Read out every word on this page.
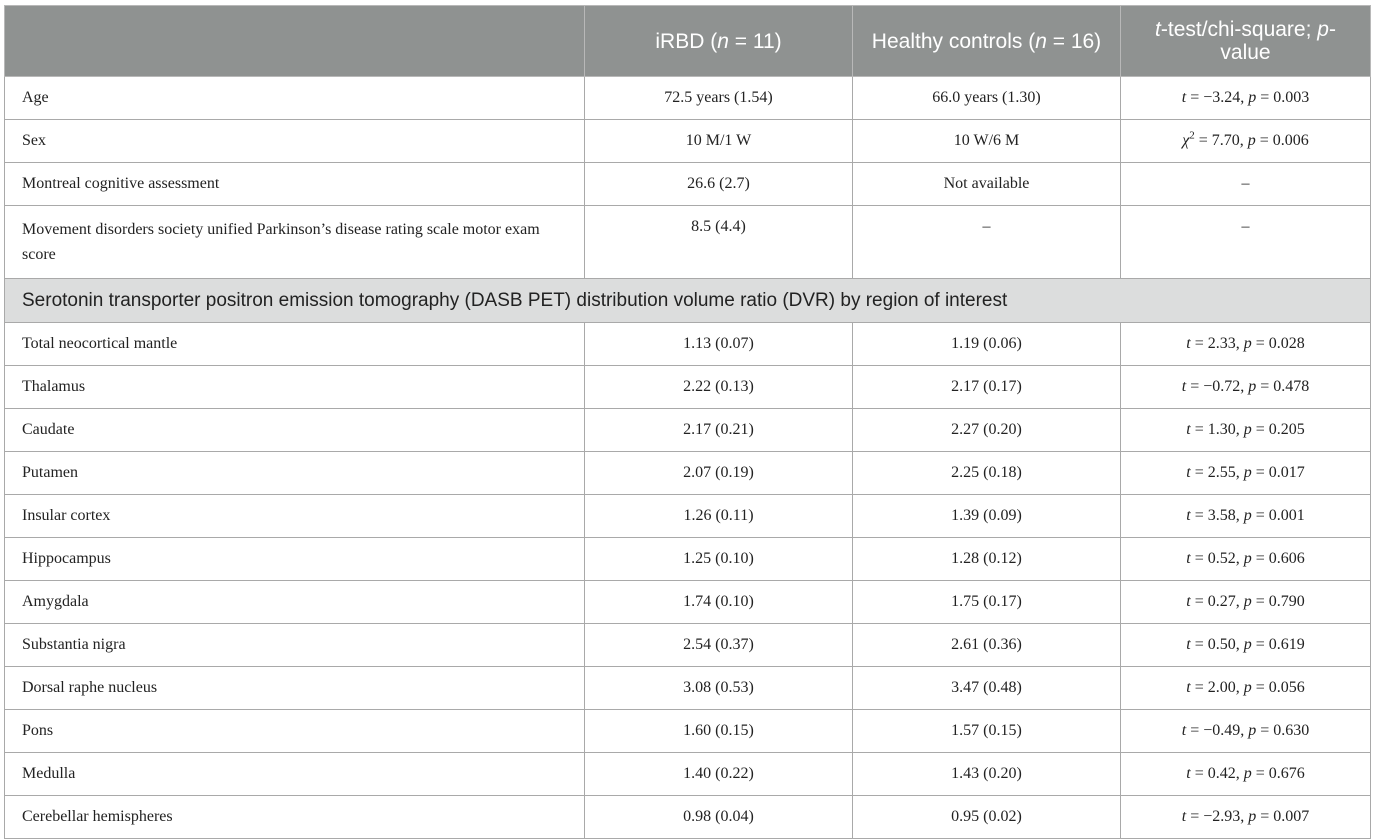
	iRBD (n = 11)	Healthy controls (n = 16)	t-test/chi-square; p-value
Age	72.5 years (1.54)	66.0 years (1.30)	t = −3.24, p = 0.003
Sex	10 M/1 W	10 W/6 M	$\chi^2 = 7.70$, p = 0.006
Montreal cognitive assessment	26.6 (2.7)	Not available	–
Movement disorders society unified Parkinson’s disease rating scale motor exam score	8.5 (4.4)	–	–
Serotonin transporter positron emission tomography (DASB PET) distribution volume ratio (DVR) by region of interest			
Total neocortical mantle	1.13 (0.07)	1.19 (0.06)	t = 2.33, p = 0.028
Thalamus	2.22 (0.13)	2.17 (0.17)	t = −0.72, p = 0.478
Caudate	2.17 (0.21)	2.27 (0.20)	t = 1.30, p = 0.205
Putamen	2.07 (0.19)	2.25 (0.18)	t = 2.55, p = 0.017
Insular cortex	1.26 (0.11)	1.39 (0.09)	t = 3.58, p = 0.001
Hippocampus	1.25 (0.10)	1.28 (0.12)	t = 0.52, p = 0.606
Amygdala	1.74 (0.10)	1.75 (0.17)	t = 0.27, p = 0.790
Substantia nigra	2.54 (0.37)	2.61 (0.36)	t = 0.50, p = 0.619
Dorsal raphe nucleus	3.08 (0.53)	3.47 (0.48)	t = 2.00, p = 0.056
Pons	1.60 (0.15)	1.57 (0.15)	t = −0.49, p = 0.630
Medulla	1.40 (0.22)	1.43 (0.20)	t = 0.42, p = 0.676
Cerebellar hemispheres	0.98 (0.04)	0.95 (0.02)	t = −2.93, p = 0.007
